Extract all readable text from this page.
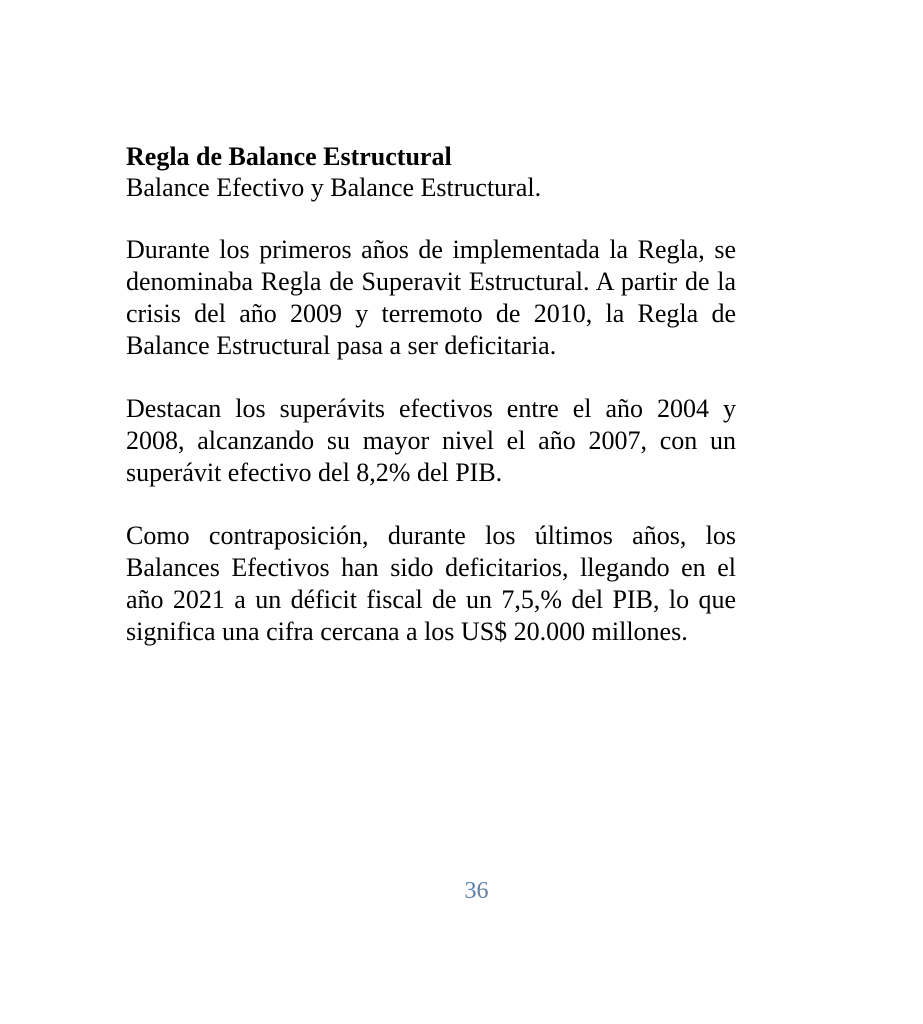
Regla de Balance Estructural

Balance Efectivo y Balance Estructural.

Durante los primeros años de implementada la Regla, se denominaba Regla de Superavit Estructural. A partir de la crisis del año 2009 y terremoto de 2010, la Regla de Balance Estructural pasa a ser deficitaria.

Destacan los superávits efectivos entre el año 2004 y 2008, alcanzando su mayor nivel el año 2007, con un superávit efectivo del 8,2% del PIB.

Como contraposición, durante los últimos años, los Balances Efectivos han sido deficitarios, llegando en el año 2021 a un déficit fiscal de un 7,5,% del PIB, lo que significa una cifra cercana a los US$ 20.000 millones.

36
